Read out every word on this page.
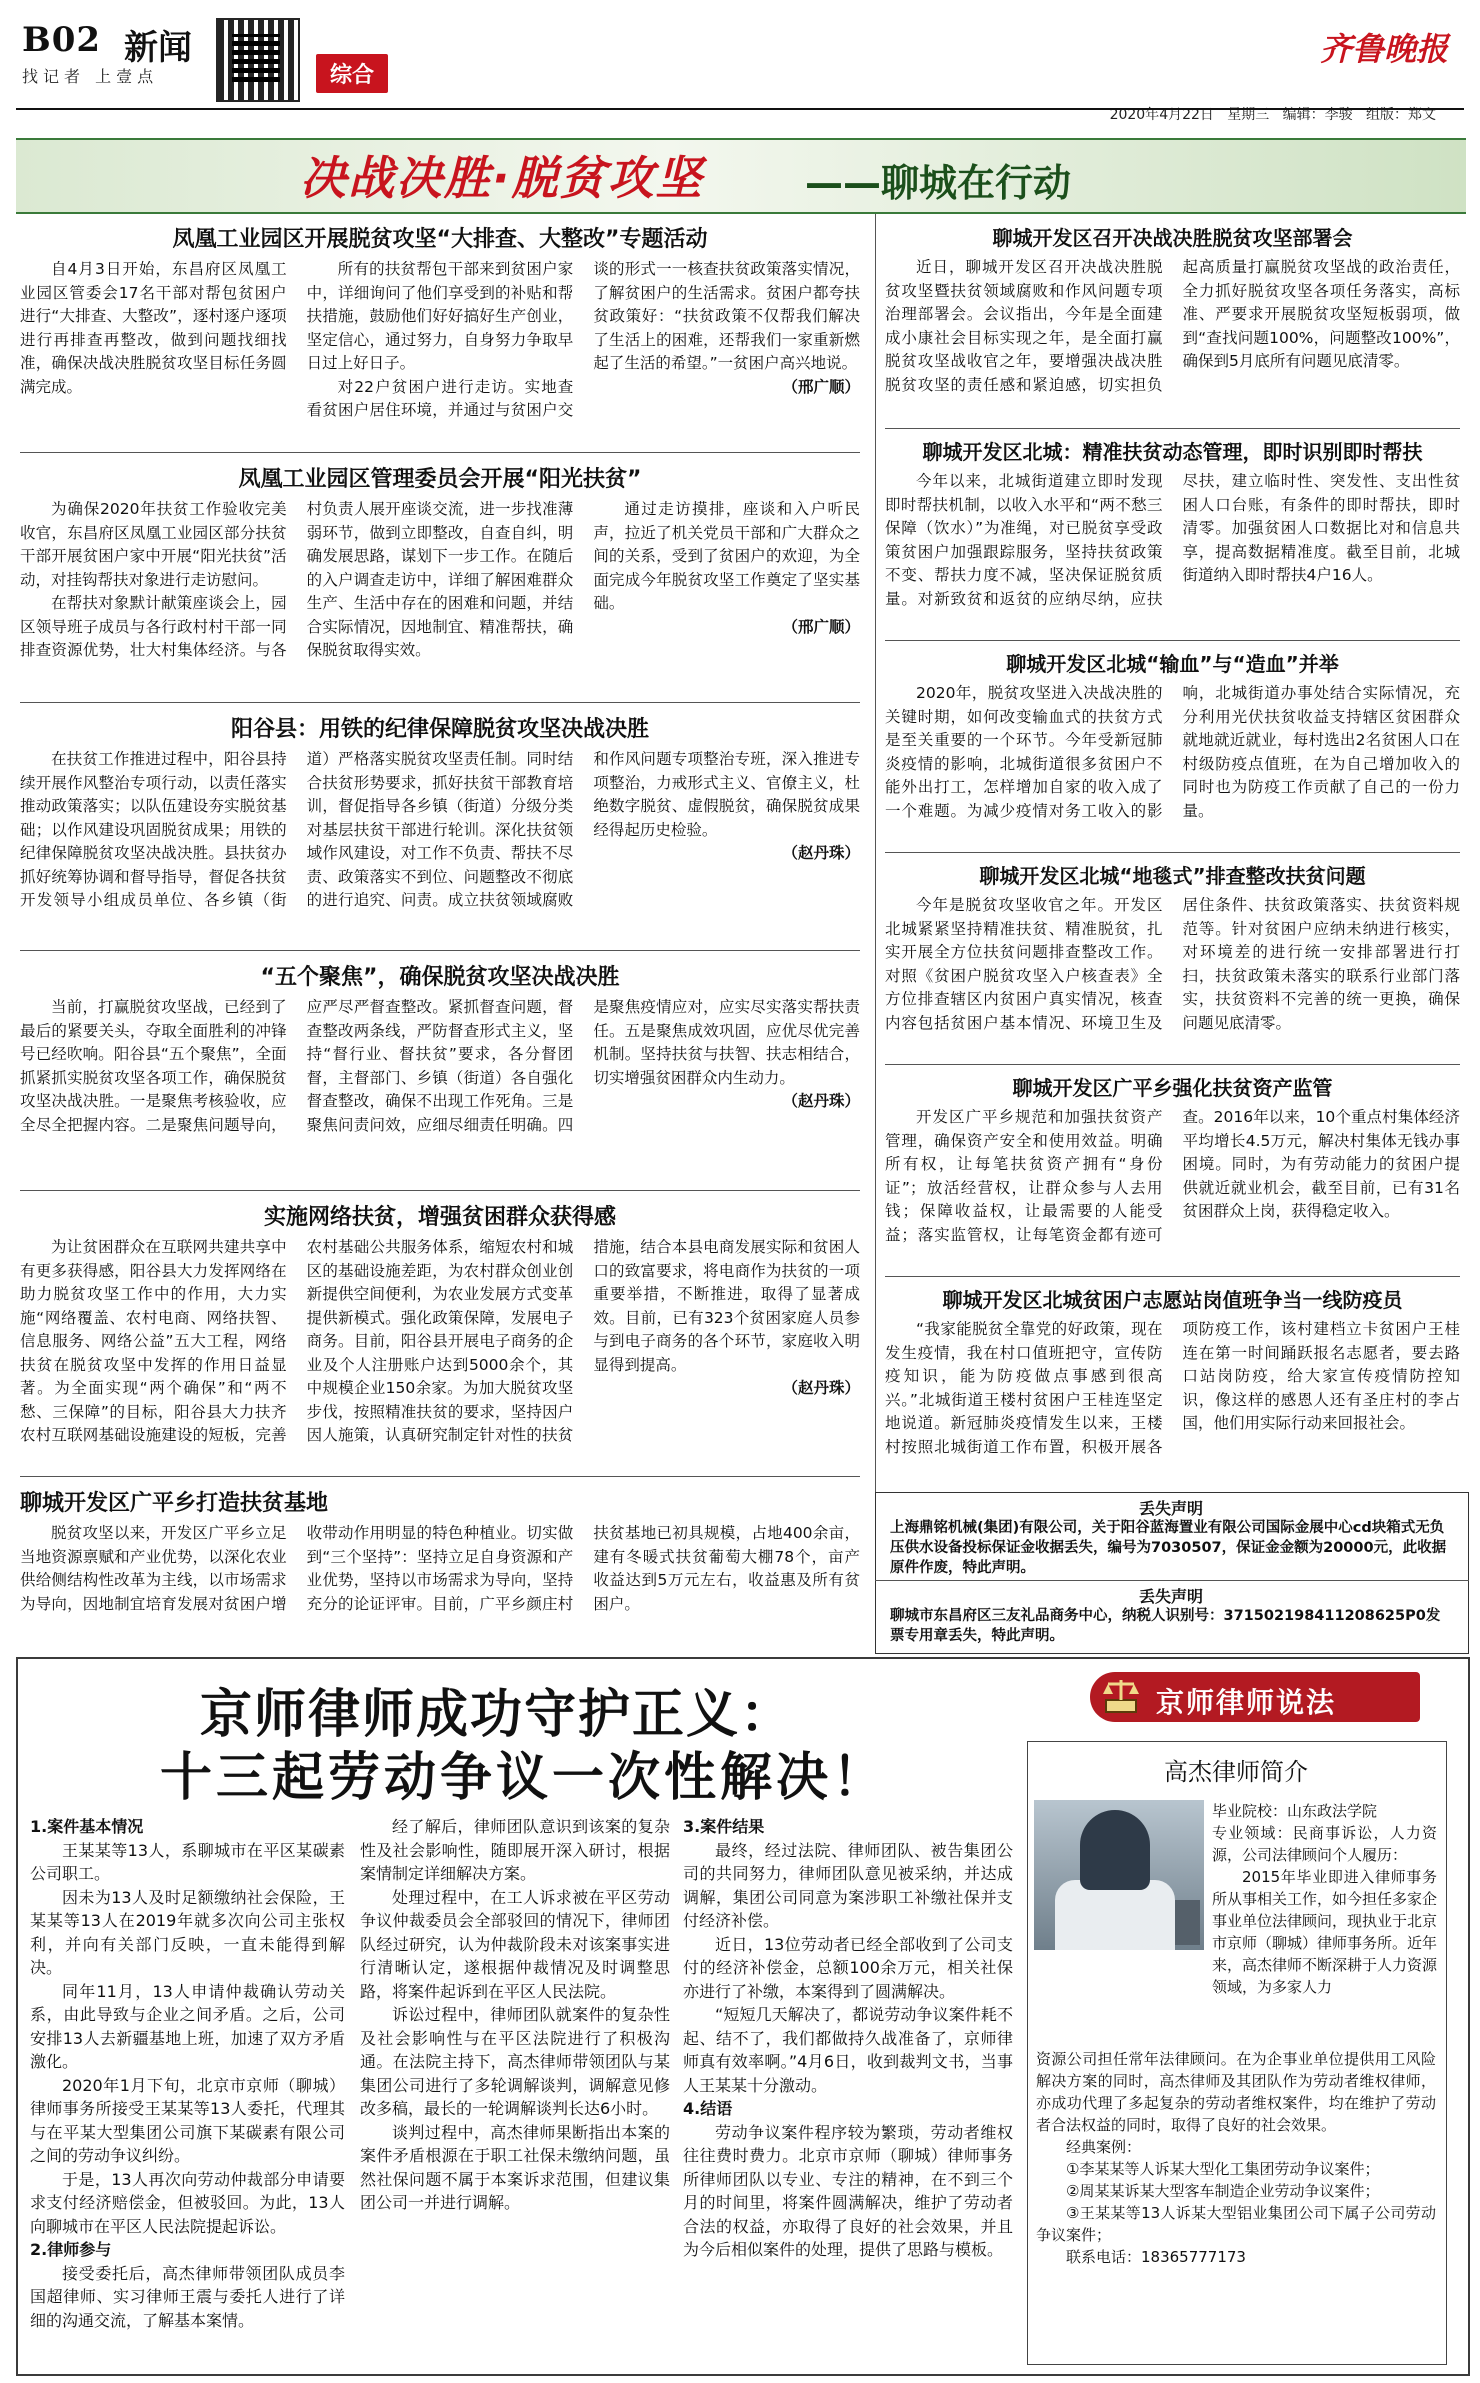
B02 新闻
找记者 上壹点	综合
齐鲁晚报
2020年4月22日 星期三 编辑：李骏 组版：郑文
决战决胜·脱贫攻坚	——聊城在行动
凤凰工业园区开展脱贫攻坚“大排查、大整改”专题活动

自4月3日开始，东昌府区凤凰工业园区管委会17名干部对帮包贫困户进行“大排查、大整改”，逐村逐户逐项进行再排查再整改，做到问题找细找准，确保决战决胜脱贫攻坚目标任务圆满完成。

所有的扶贫帮包干部来到贫困户家中，详细询问了他们享受到的补贴和帮扶措施，鼓励他们好好搞好生产创业，坚定信心，通过努力，自身努力争取早日过上好日子。

对22户贫困户进行走访。实地查看贫困户居住环境，并通过与贫困户交谈的形式一一核查扶贫政策落实情况，了解贫困户的生活需求。贫困户都夸扶贫政策好：“扶贫政策不仅帮我们解决了生活上的困难，还帮我们一家重新燃起了生活的希望。”一贫困户高兴地说。

（邢广顺）

凤凰工业园区管理委员会开展“阳光扶贫”

为确保2020年扶贫工作验收完美收官，东昌府区凤凰工业园区部分扶贫干部开展贫困户家中开展“阳光扶贫”活动，对挂钩帮扶对象进行走访慰问。

在帮扶对象默计献策座谈会上，园区领导班子成员与各行政村村干部一同排查资源优势，壮大村集体经济。与各村负责人展开座谈交流，进一步找准薄弱环节，做到立即整改，自查自纠，明确发展思路，谋划下一步工作。在随后的入户调查走访中，详细了解困难群众生产、生活中存在的困难和问题，并结合实际情况，因地制宜、精准帮扶，确保脱贫取得实效。

通过走访摸排，座谈和入户听民声，拉近了机关党员干部和广大群众之间的关系，受到了贫困户的欢迎，为全面完成今年脱贫攻坚工作奠定了坚实基础。

（邢广顺）

阳谷县：用铁的纪律保障脱贫攻坚决战决胜

在扶贫工作推进过程中，阳谷县持续开展作风整治专项行动，以责任落实推动政策落实；以队伍建设夯实脱贫基础；以作风建设巩固脱贫成果；用铁的纪律保障脱贫攻坚决战决胜。县扶贫办抓好统筹协调和督导指导，督促各扶贫开发领导小组成员单位、各乡镇（街道）严格落实脱贫攻坚责任制。同时结合扶贫形势要求，抓好扶贫干部教育培训，督促指导各乡镇（街道）分级分类对基层扶贫干部进行轮训。深化扶贫领域作风建设，对工作不负责、帮扶不尽责、政策落实不到位、问题整改不彻底的进行追究、问责。成立扶贫领域腐败和作风问题专项整治专班，深入推进专项整治，力戒形式主义、官僚主义，杜绝数字脱贫、虚假脱贫，确保脱贫成果经得起历史检验。

（赵丹珠）

“五个聚焦”，确保脱贫攻坚决战决胜

当前，打赢脱贫攻坚战，已经到了最后的紧要关头，夺取全面胜利的冲锋号已经吹响。阳谷县“五个聚焦”，全面抓紧抓实脱贫攻坚各项工作，确保脱贫攻坚决战决胜。一是聚焦考核验收，应全尽全把握内容。二是聚焦问题导向，应严尽严督查整改。紧抓督查问题，督查整改两条线，严防督查形式主义，坚持“督行业、督扶贫”要求，各分督团督，主督部门、乡镇（街道）各自强化督查整改，确保不出现工作死角。三是聚焦问责问效，应细尽细责任明确。四是聚焦疫情应对，应实尽实落实帮扶责任。五是聚焦成效巩固，应优尽优完善机制。坚持扶贫与扶智、扶志相结合，切实增强贫困群众内生动力。

（赵丹珠）

实施网络扶贫，增强贫困群众获得感

为让贫困群众在互联网共建共享中有更多获得感，阳谷县大力发挥网络在助力脱贫攻坚工作中的作用，大力实施“网络覆盖、农村电商、网络扶智、信息服务、网络公益”五大工程，网络扶贫在脱贫攻坚中发挥的作用日益显著。为全面实现“两个确保”和“两不愁、三保障”的目标，阳谷县大力扶齐农村互联网基础设施建设的短板，完善农村基础公共服务体系，缩短农村和城区的基础设施差距，为农村群众创业创新提供空间便利，为农业发展方式变革提供新模式。强化政策保障，发展电子商务。目前，阳谷县开展电子商务的企业及个人注册账户达到5000余个，其中规模企业150余家。为加大脱贫攻坚步伐，按照精准扶贫的要求，坚持因户因人施策，认真研究制定针对性的扶贫措施，结合本县电商发展实际和贫困人口的致富要求，将电商作为扶贫的一项重要举措，不断推进，取得了显著成效。目前，已有323个贫困家庭人员参与到电子商务的各个环节，家庭收入明显得到提高。

（赵丹珠）

聊城开发区广平乡打造扶贫基地

脱贫攻坚以来，开发区广平乡立足当地资源禀赋和产业优势，以深化农业供给侧结构性改革为主线，以市场需求为导向，因地制宜培育发展对贫困户增收带动作用明显的特色种植业。切实做到“三个坚持”：坚持立足自身资源和产业优势，坚持以市场需求为导向，坚持充分的论证评审。目前，广平乡颜庄村扶贫基地已初具规模，占地400余亩，建有冬暖式扶贫葡萄大棚78个，亩产收益达到5万元左右，收益惠及所有贫困户。

聊城开发区召开决战决胜脱贫攻坚部署会

近日，聊城开发区召开决战决胜脱贫攻坚暨扶贫领域腐败和作风问题专项治理部署会。会议指出，今年是全面建成小康社会目标实现之年，是全面打赢脱贫攻坚战收官之年，要增强决战决胜脱贫攻坚的责任感和紧迫感，切实担负起高质量打赢脱贫攻坚战的政治责任，全力抓好脱贫攻坚各项任务落实，高标准、严要求开展脱贫攻坚短板弱项，做到“查找问题100%，问题整改100%”，确保到5月底所有问题见底清零。

聊城开发区北城：精准扶贫动态管理，即时识别即时帮扶

今年以来，北城街道建立即时发现即时帮扶机制，以收入水平和“两不愁三保障（饮水）”为准绳，对已脱贫享受政策贫困户加强跟踪服务，坚持扶贫政策不变、帮扶力度不减，坚决保证脱贫质量。对新致贫和返贫的应纳尽纳，应扶尽扶，建立临时性、突发性、支出性贫困人口台账，有条件的即时帮扶，即时清零。加强贫困人口数据比对和信息共享，提高数据精准度。截至目前，北城街道纳入即时帮扶4户16人。

聊城开发区北城“输血”与“造血”并举

2020年，脱贫攻坚进入决战决胜的关键时期，如何改变输血式的扶贫方式是至关重要的一个环节。今年受新冠肺炎疫情的影响，北城街道很多贫困户不能外出打工，怎样增加自家的收入成了一个难题。为减少疫情对务工收入的影响，北城街道办事处结合实际情况，充分利用光伏扶贫收益支持辖区贫困群众就地就近就业，每村选出2名贫困人口在村级防疫点值班，在为自己增加收入的同时也为防疫工作贡献了自己的一份力量。

聊城开发区北城“地毯式”排查整改扶贫问题

今年是脱贫攻坚收官之年。开发区北城紧紧坚持精准扶贫、精准脱贫，扎实开展全方位扶贫问题排查整改工作。对照《贫困户脱贫攻坚入户核查表》全方位排查辖区内贫困户真实情况，核查内容包括贫困户基本情况、环境卫生及居住条件、扶贫政策落实、扶贫资料规范等。针对贫困户应纳未纳进行核实，对环境差的进行统一安排部署进行打扫，扶贫政策未落实的联系行业部门落实，扶贫资料不完善的统一更换，确保问题见底清零。

聊城开发区广平乡强化扶贫资产监管

开发区广平乡规范和加强扶贫资产管理，确保资产安全和使用效益。明确所有权，让每笔扶贫资产拥有“身份证”；放活经营权，让群众参与人去用钱；保障收益权，让最需要的人能受益；落实监管权，让每笔资金都有迹可查。2016年以来，10个重点村集体经济平均增长4.5万元，解决村集体无钱办事困境。同时，为有劳动能力的贫困户提供就近就业机会，截至目前，已有31名贫困群众上岗，获得稳定收入。

聊城开发区北城贫困户志愿站岗值班争当一线防疫员

“我家能脱贫全靠党的好政策，现在发生疫情，我在村口值班把守，宣传防疫知识，能为防疫做点事感到很高兴。”北城街道王楼村贫困户王桂连坚定地说道。新冠肺炎疫情发生以来，王楼村按照北城街道工作布置，积极开展各项防疫工作，该村建档立卡贫困户王桂连在第一时间踊跃报名志愿者，要去路口站岗防疫，给大家宣传疫情防控知识，像这样的感恩人还有圣庄村的李占国，他们用实际行动来回报社会。

丢失声明
上海鼎铭机械(集团)有限公司，关于阳谷蓝海置业有限公司国际金展中心cd块箱式无负压供水设备投标保证金收据丢失，编号为7030507，保证金金额为20000元，此收据原件作废，特此声明。
丢失声明
聊城市东昌府区三友礼品商务中心，纳税人识别号：371502198411208625P0发票专用章丢失，特此声明。
京师律师成功守护正义：
十三起劳动争议一次性解决！
京师律师说法

1.案件基本情况

王某某等13人，系聊城市在平区某碳素公司职工。

因未为13人及时足额缴纳社会保险，王某某等13人在2019年就多次向公司主张权利，并向有关部门反映，一直未能得到解决。

同年11月，13人申请仲裁确认劳动关系，由此导致与企业之间矛盾。之后，公司安排13人去新疆基地上班，加速了双方矛盾激化。

2020年1月下旬，北京市京师（聊城）律师事务所接受王某某等13人委托，代理其与在平某大型集团公司旗下某碳素有限公司之间的劳动争议纠纷。

于是，13人再次向劳动仲裁部分申请要求支付经济赔偿金，但被驳回。为此，13人向聊城市在平区人民法院提起诉讼。

2.律师参与

接受委托后，高杰律师带领团队成员李国超律师、实习律师王震与委托人进行了详细的沟通交流，了解基本案情。

经了解后，律师团队意识到该案的复杂性及社会影响性，随即展开深入研讨，根据案情制定详细解决方案。

处理过程中，在工人诉求被在平区劳动争议仲裁委员会全部驳回的情况下，律师团队经过研究，认为仲裁阶段未对该案事实进行清晰认定，遂根据仲裁情况及时调整思路，将案件起诉到在平区人民法院。

诉讼过程中，律师团队就案件的复杂性及社会影响性与在平区法院进行了积极沟通。在法院主持下，高杰律师带领团队与某集团公司进行了多轮调解谈判，调解意见修改多稿，最长的一轮调解谈判长达6小时。

谈判过程中，高杰律师果断指出本案的案件矛盾根源在于职工社保未缴纳问题，虽然社保问题不属于本案诉求范围，但建议集团公司一并进行调解。

3.案件结果

最终，经过法院、律师团队、被告集团公司的共同努力，律师团队意见被采纳，并达成调解，集团公司同意为案涉职工补缴社保并支付经济补偿。

近日，13位劳动者已经全部收到了公司支付的经济补偿金，总额100余万元，相关社保亦进行了补缴，本案得到了圆满解决。

“短短几天解决了，都说劳动争议案件耗不起、结不了，我们都做持久战准备了，京师律师真有效率啊。”4月6日，收到裁判文书，当事人王某某十分激动。

4.结语

劳动争议案件程序较为繁琐，劳动者维权往往费时费力。北京市京师（聊城）律师事务所律师团队以专业、专注的精神，在不到三个月的时间里，将案件圆满解决，维护了劳动者合法的权益，亦取得了良好的社会效果，并且为今后相似案件的处理，提供了思路与模板。

高杰律师简介

毕业院校：山东政法学院

专业领域：民商事诉讼，人力资源，公司法律顾问个人履历：

2015年毕业即进入律师事务所从事相关工作，如今担任多家企事业单位法律顾问，现执业于北京市京师（聊城）律师事务所。近年来，高杰律师不断深耕于人力资源领域，为多家人力

资源公司担任常年法律顾问。在为企事业单位提供用工风险解决方案的同时，高杰律师及其团队作为劳动者维权律师，亦成功代理了多起复杂的劳动者维权案件，均在维护了劳动者合法权益的同时，取得了良好的社会效果。

经典案例：

①李某某等人诉某大型化工集团劳动争议案件；

②周某某诉某大型客车制造企业劳动争议案件；

③王某某等13人诉某大型铝业集团公司下属子公司劳动争议案件；

联系电话：18365777173
